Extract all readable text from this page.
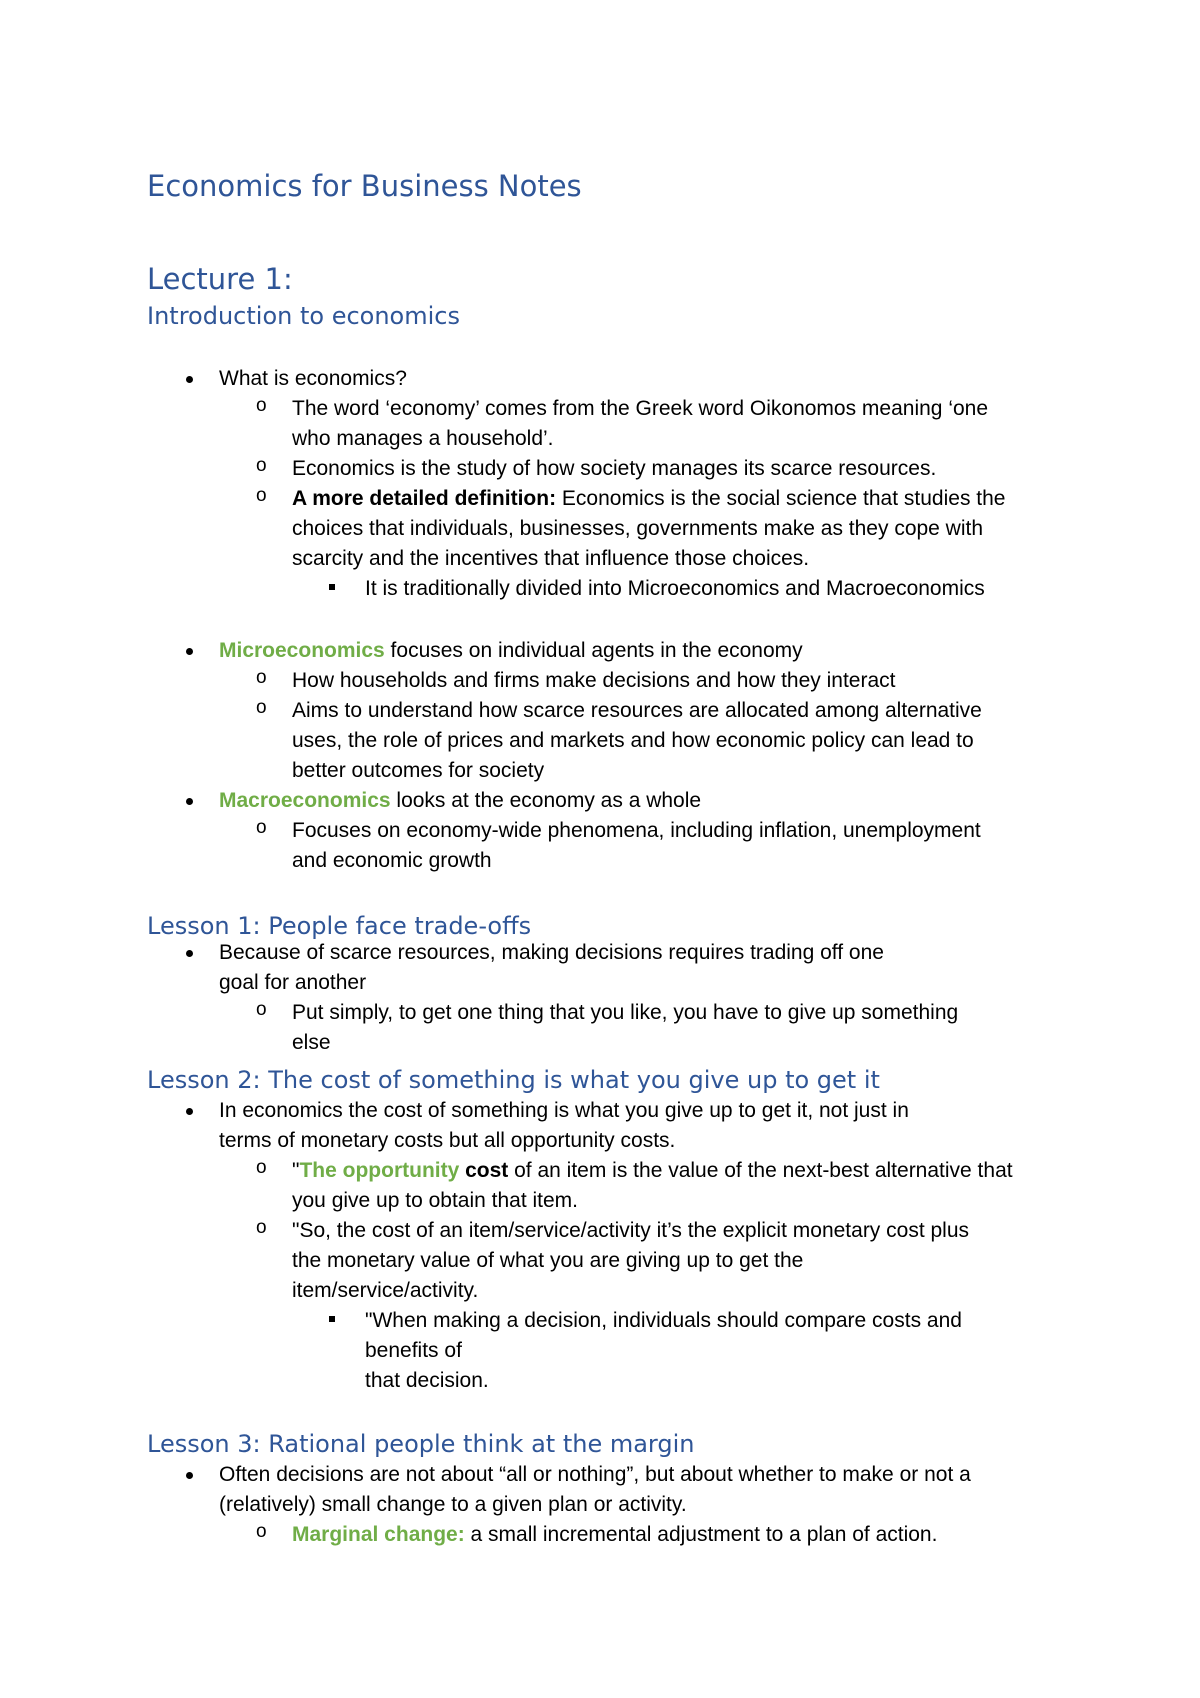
Economics for Business Notes
Lecture 1:
Introduction to economics
What is economics?
o The word ‘economy’ comes from the Greek word Oikonomos meaning ‘one
who manages a household’.
o Economics is the study of how society manages its scarce resources.
o A more detailed definition: Economics is the social science that studies the
choices that individuals, businesses, governments make as they cope with
scarcity and the incentives that influence those choices.
It is traditionally divided into Microeconomics and Macroeconomics
Microeconomics focuses on individual agents in the economy
o How households and firms make decisions and how they interact
o Aims to understand how scarce resources are allocated among alternative
uses, the role of prices and markets and how economic policy can lead to
better outcomes for society
Macroeconomics looks at the economy as a whole
o Focuses on economy-wide phenomena, including inflation, unemployment
and economic growth
Lesson 1: People face trade-offs
Because of scarce resources, making decisions requires trading off one
goal for another
o Put simply, to get one thing that you like, you have to give up something
else
Lesson 2: The cost of something is what you give up to get it
In economics the cost of something is what you give up to get it, not just in
terms of monetary costs but all opportunity costs.
o "The opportunity cost of an item is the value of the next-best alternative that
you give up to obtain that item.
o "So, the cost of an item/service/activity it’s the explicit monetary cost plus
the monetary value of what you are giving up to get the
item/service/activity.
"When making a decision, individuals should compare costs and
benefits of
that decision.
Lesson 3: Rational people think at the margin
Often decisions are not about “all or nothing”, but about whether to make or not a
(relatively) small change to a given plan or activity.
o Marginal change: a small incremental adjustment to a plan of action.
